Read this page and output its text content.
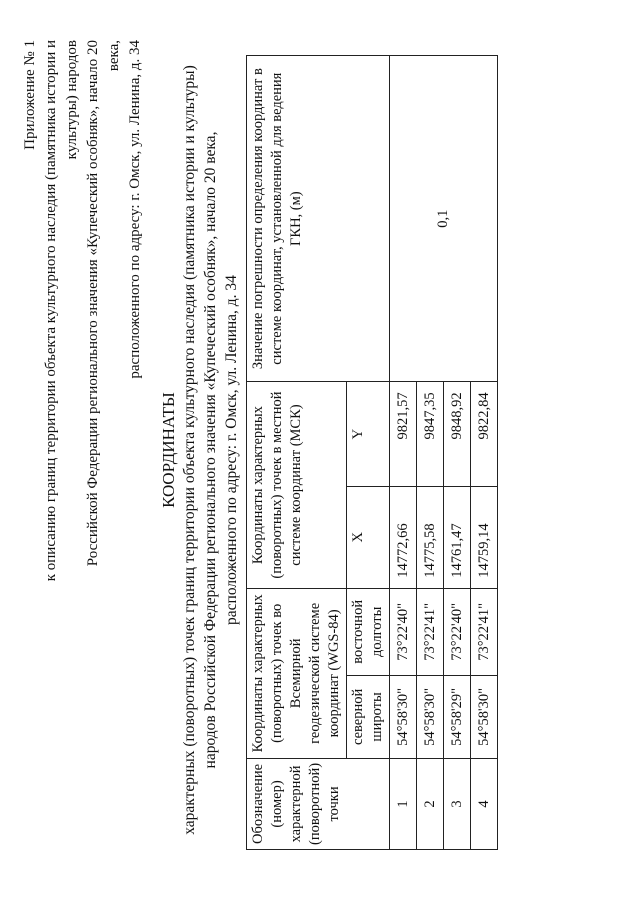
Приложение № 1 к описанию границ территории объекта культурного наследия (памятника истории и культуры) народов Российской Федерации регионального значения «Купеческий особняк», начало 20 века, расположенного по адресу: г. Омск, ул. Ленина, д. 34
КООРДИНАТЫ характерных (поворотных) точек границ территории объекта культурного наследия (памятника истории и культуры) народов Российской Федерации регионального значения «Купеческий особняк», начало 20 века, расположенного по адресу: г. Омск, ул. Ленина, д. 34
Обозначение (номер) характерной (поворотной) точки	Координаты характерных (поворотных) точек во Всемирной геодезической системе координат (WGS-84)		Координаты характерных (поворотных) точек в местной системе координат (МСК)		Значение погрешности определения координат в системе координат, установленной для ведения ГКН, (м)
	северной широты	восточной долготы	X	Y	
1	54°58'30"	73°22'40"	14772,66	9821,57	0,1
2	54°58'30"	73°22'41"	14775,58	9847,35	
3	54°58'29"	73°22'40"	14761,47	9848,92	
4	54°58'30"	73°22'41"	14759,14	9822,84	
